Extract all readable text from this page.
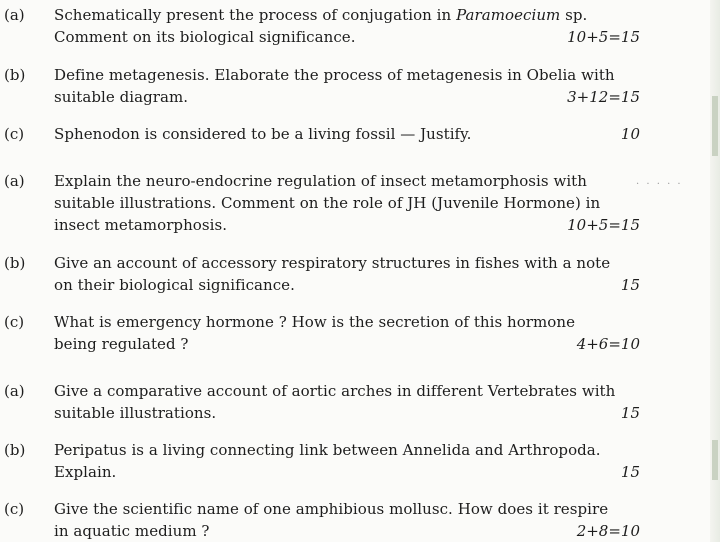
(a) Schematically present the process of conjugation in Paramoecium sp.
Comment on its biological significance.	10+5=15
(b) Define metagenesis. Elaborate the process of metagenesis in Obelia with
suitable diagram.	3+12=15
(c) Sphenodon is considered to be a living fossil — Justify.	10
(a) Explain the neuro-endocrine regulation of insect metamorphosis with
suitable illustrations. Comment on the role of JH (Juvenile Hormone) in
insect metamorphosis.	10+5=15
(b) Give an account of accessory respiratory structures in fishes with a note
on their biological significance.	15
(c) What is emergency hormone ? How is the secretion of this hormone
being regulated ?	4+6=10
(a) Give a comparative account of aortic arches in different Vertebrates with
suitable illustrations.	15
(b) Peripatus is a living connecting link between Annelida and Arthropoda.
Explain.	15
(c) Give the scientific name of one amphibious mollusc. How does it respire
in aquatic medium ?	2+8=10
. . . . .
